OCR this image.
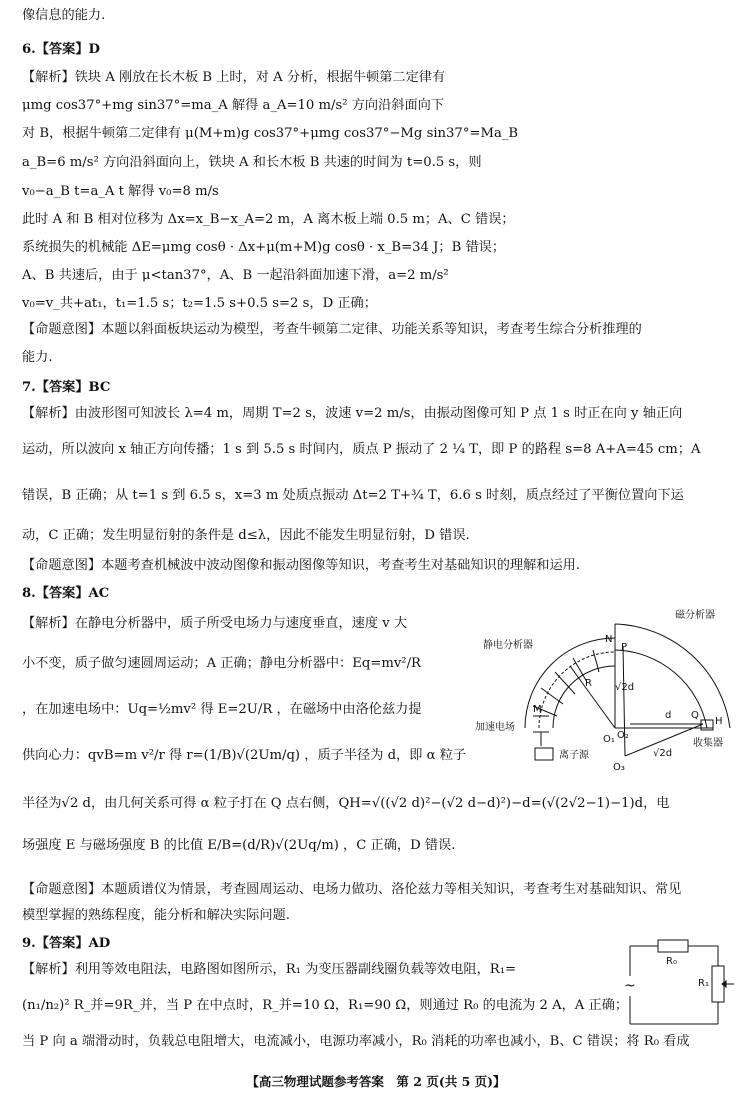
像信息的能力.
6.【答案】D
【解析】铁块 A 刚放在长木板 B 上时，对 A 分析，根据牛顿第二定律有
μmg cos37°+mg sin37°=ma_A 解得 a_A=10 m/s² 方向沿斜面向下
对 B，根据牛顿第二定律有 μ(M+m)g cos37°+μmg cos37°−Mg sin37°=Ma_B
a_B=6 m/s² 方向沿斜面向上，铁块 A 和长木板 B 共速的时间为 t=0.5 s，则
v₀−a_B t=a_A t 解得 v₀=8 m/s
此时 A 和 B 相对位移为 Δx=x_B−x_A=2 m，A 离木板上端 0.5 m；A、C 错误；
系统损失的机械能 ΔE=μmg cosθ · Δx+μ(m+M)g cosθ · x_B=34 J；B 错误；
A、B 共速后，由于 μ<tan37°，A、B 一起沿斜面加速下滑，a=2 m/s²
v₀=v_共+at₁，t₁=1.5 s；t₂=1.5 s+0.5 s=2 s，D 正确；
【命题意图】本题以斜面板块运动为模型，考查牛顿第二定律、功能关系等知识，考查考生综合分析推理的
能力.
7.【答案】BC
【解析】由波形图可知波长 λ=4 m，周期 T=2 s，波速 v=2 m/s，由振动图像可知 P 点 1 s 时正在向 y 轴正向
运动，所以波向 x 轴正方向传播；1 s 到 5.5 s 时间内，质点 P 振动了 2 ¼ T，即 P 的路程 s=8 A+A=45 cm；A
错误，B 正确；从 t=1 s 到 6.5 s，x=3 m 处质点振动 Δt=2 T+¾ T，6.6 s 时刻，质点经过了平衡位置向下运
动，C 正确；发生明显衍射的条件是 d≤λ，因此不能发生明显衍射，D 错误.
【命题意图】本题考查机械波中波动图像和振动图像等知识，考查考生对基础知识的理解和运用.
8.【答案】AC
【解析】在静电分析器中，质子所受电场力与速度垂直，速度 v 大
小不变，质子做匀速圆周运动；A 正确；静电分析器中：Eq=mv²/R
，在加速电场中：Uq=½mv² 得 E=2U/R ，在磁场中由洛伦兹力提
供向心力：qvB=m v²/r 得 r=(1/B)√(2Um/q) ，质子半径为 d，即 α 粒子
半径为√2 d，由几何关系可得 α 粒子打在 Q 点右侧，QH=√((√2 d)²−(√2 d−d)²)−d=(√(2√2−1)−1)d，电
场强度 E 与磁场强度 B 的比值 E/B=(d/R)√(2Uq/m) ，C 正确，D 错误.
【命题意图】本题质谱仪为情景，考查圆周运动、电场力做功、洛伦兹力等相关知识，考查考生对基础知识、常见
模型掌握的熟练程度，能分析和解决实际问题.
9.【答案】AD
【解析】利用等效电阻法，电路图如图所示，R₁ 为变压器副线圈负载等效电阻，R₁=
(n₁/n₂)² R_并=9R_并，当 P 在中点时，R_并=10 Ω，R₁=90 Ω，则通过 R₀ 的电流为 2 A，A 正确；
当 P 向 a 端滑动时，负载总电阻增大，电流减小，电源功率减小，R₀ 消耗的功率也减小，B、C 错误；将 R₀ 看成
静电分析器
磁分析器
加速电场
离子源
收集器
N
P
R √2d
d Q
H
M
O₁ O₂
O₃
√2d
R₀
R₁
~
【高三物理试题参考答案　第 2 页(共 5 页)】
